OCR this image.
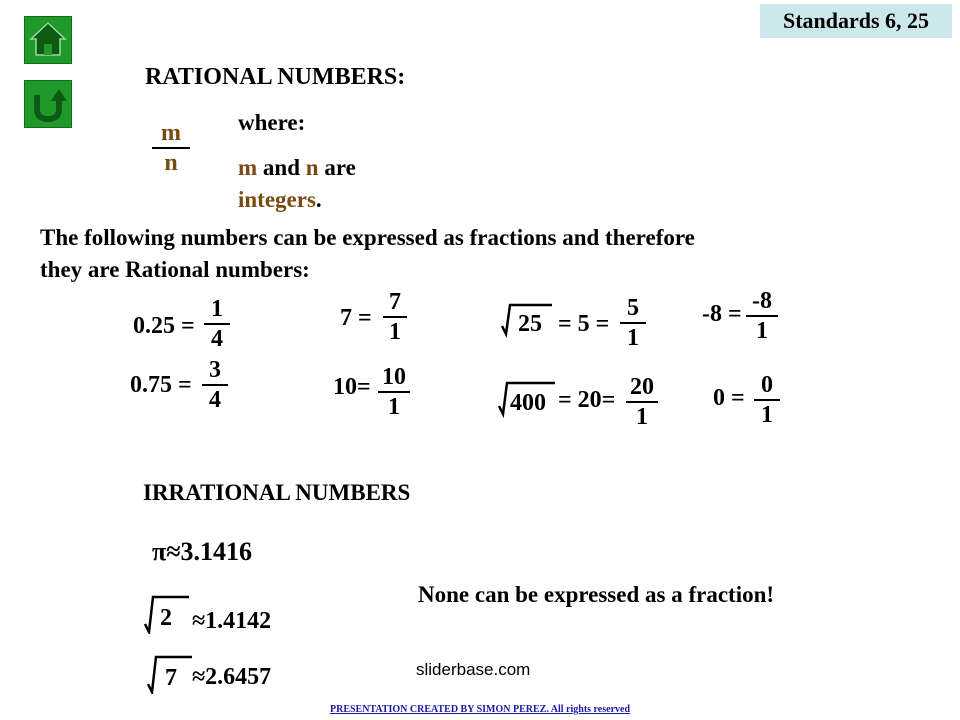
Standards 6, 25
RATIONAL NUMBERS:
m
n
where:
m and n are
integers.
The following numbers can be expressed as fractions and therefore
they are Rational numbers:
0.25 =
1
4
0.75 =
3
4
7 =
7
1
10= 10
1
25 = 5 =
5
1
400 = 20= 20
1
-8 = -8
1
0 = 0
1
IRRATIONAL NUMBERS
π≈3.1416
2 ≈1.4142
7 ≈2.6457
None can be expressed as a fraction!
sliderbase.com
PRESENTATION CREATED BY SIMON PEREZ. All rights reserved
